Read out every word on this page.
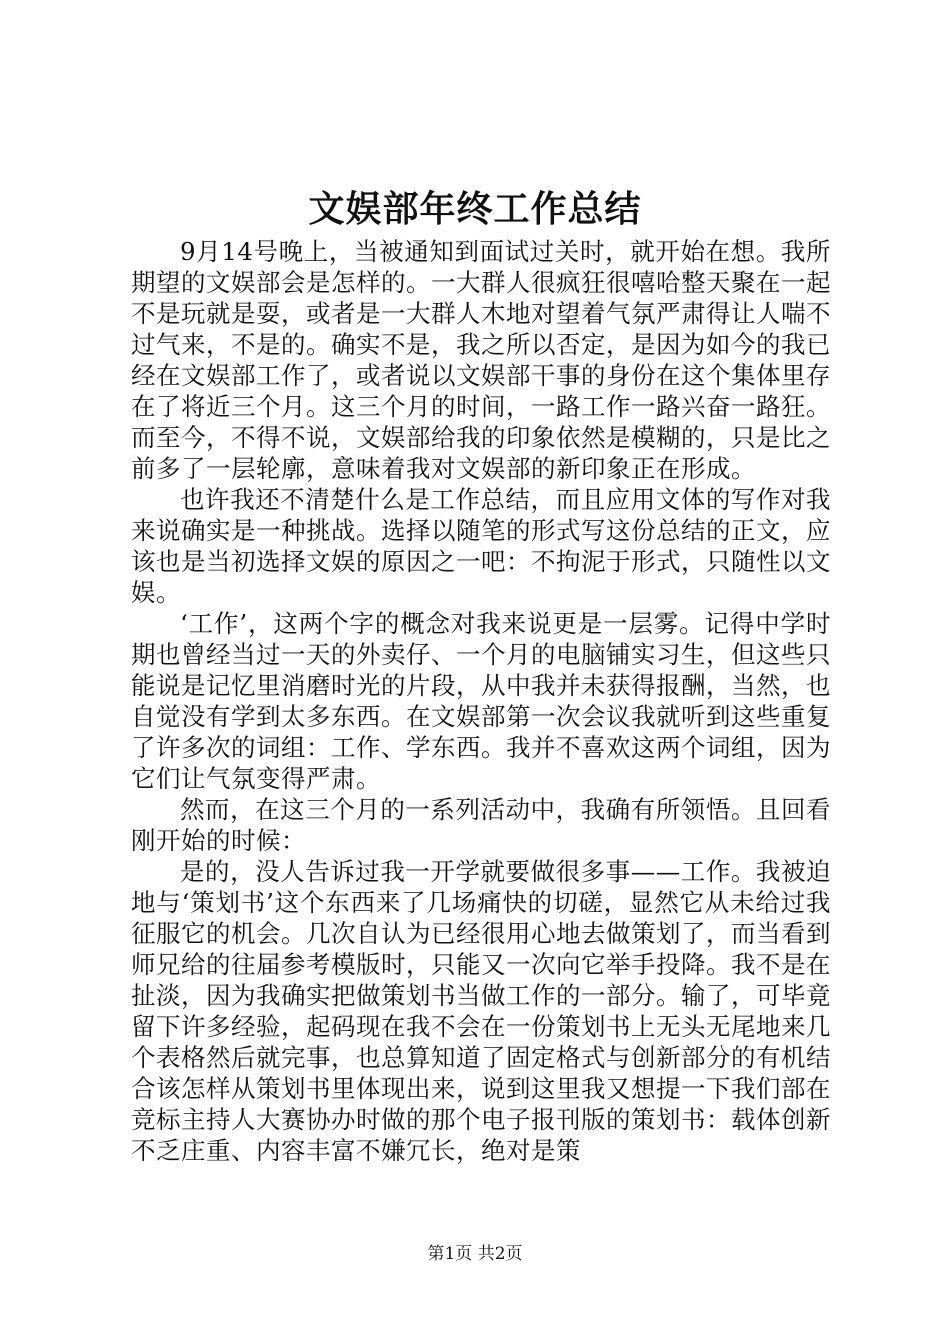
文娱部年终工作总结

9月14号晚上，当被通知到面试过关时，就开始在想。我所期望的文娱部会是怎样的。一大群人很疯狂很嘻哈整天聚在一起不是玩就是耍，或者是一大群人木地对望着气氛严肃得让人喘不过气来，不是的。确实不是，我之所以否定，是因为如今的我已经在文娱部工作了，或者说以文娱部干事的身份在这个集体里存在了将近三个月。这三个月的时间，一路工作一路兴奋一路狂。而至今，不得不说，文娱部给我的印象依然是模糊的，只是比之前多了一层轮廓，意味着我对文娱部的新印象正在形成。

也许我还不清楚什么是工作总结，而且应用文体的写作对我来说确实是一种挑战。选择以随笔的形式写这份总结的正文，应该也是当初选择文娱的原因之一吧：不拘泥于形式，只随性以文娱。

‘工作’，这两个字的概念对我来说更是一层雾。记得中学时期也曾经当过一天的外卖仔、一个月的电脑铺实习生，但这些只能说是记忆里消磨时光的片段，从中我并未获得报酬，当然，也自觉没有学到太多东西。在文娱部第一次会议我就听到这些重复了许多次的词组：工作、学东西。我并不喜欢这两个词组，因为它们让气氛变得严肃。

然而，在这三个月的一系列活动中，我确有所领悟。且回看刚开始的时候：

是的，没人告诉过我一开学就要做很多事——工作。我被迫地与‘策划书’这个东西来了几场痛快的切磋，显然它从未给过我征服它的机会。几次自认为已经很用心地去做策划了，而当看到师兄给的往届参考模版时，只能又一次向它举手投降。我不是在扯淡，因为我确实把做策划书当做工作的一部分。输了，可毕竟留下许多经验，起码现在我不会在一份策划书上无头无尾地来几个表格然后就完事，也总算知道了固定格式与创新部分的有机结合该怎样从策划书里体现出来，说到这里我又想提一下我们部在竞标主持人大赛协办时做的那个电子报刊版的策划书：载体创新不乏庄重、内容丰富不嫌冗长，绝对是策

第1页 共2页
